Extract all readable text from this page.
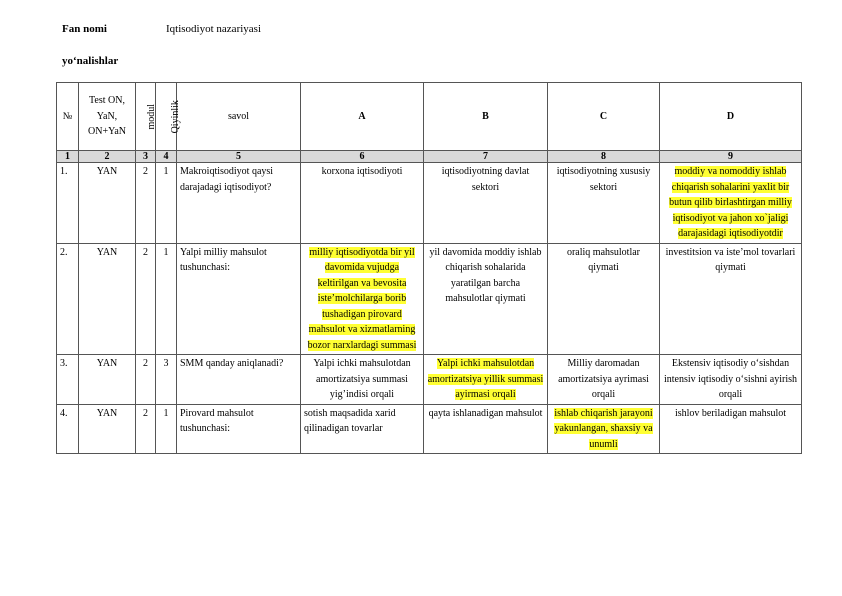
Fan nomi	Iqtisodiyot nazariyasi
yo‘nalishlar
№	Test ON, YaN, ON+YaN	modul	Qiyinlik	savol	A	B	C	D
1	2	3	4	5	6	7	8	9
1.	YAN	2	1	Makroiqtisodiyot qaysi darajadagi iqtisodiyot?	korxona iqtisodiyoti	iqtisodiyotning davlat sektori	iqtisodiyotning xususiy sektori	moddiy va nomoddiy ishlab chiqarish sohalarini yaxlit bir butun qilib birlashtirgan milliy iqtisodiyot va jahon xo`jaligi darajasidagi iqtisodiyotdir
2.	YAN	2	1	Yalpi milliy mahsulot tushunchasi:	milliy iqtisodiyotda bir yil davomida vujudga keltirilgan va bevosita iste’molchilarga borib tushadigan pirovard mahsulot va xizmatlarning bozor narxlardagi summasi	yil davomida moddiy ishlab chiqarish sohalarida yaratilgan barcha mahsulotlar qiymati	oraliq mahsulotlar qiymati	investitsion va iste’mol tovarlari qiymati
3.	YAN	2	3	SMM qanday aniqlanadi?	Yalpi ichki mahsulotdan amortizatsiya summasi yig’indisi orqali	Yalpi ichki mahsulotdan amortizatsiya yillik summasi ayirmasi orqali	Milliy daromadan amortizatsiya ayrimasi orqali	Ekstensiv iqtisodiy o‘sishdan intensiv iqtisodiy o‘sishni ayirish orqali
4.	YAN	2	1	Pirovard mahsulot tushunchasi:	sotish maqsadida xarid qilinadigan tovarlar	qayta ishlanadigan mahsulot	ishlab chiqarish jarayoni yakunlangan, shaxsiy va unumli	ishlov beriladigan mahsulot
